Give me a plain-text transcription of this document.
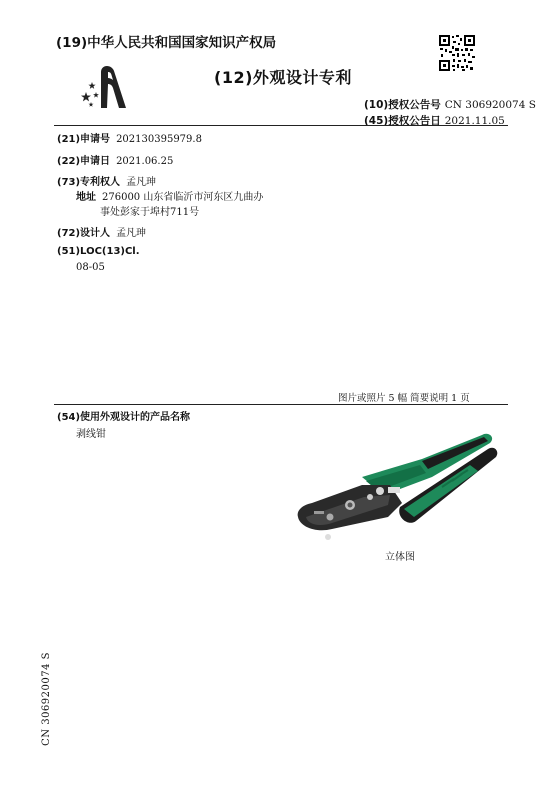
(19)中华人民共和国国家知识产权局
(12)外观设计专利
(10)授权公告号 CN 306920074 S
(45)授权公告日 2021.11.05
(21)申请号 202130395979.8
(22)申请日 2021.06.25
(73)专利权人 孟凡珅
地址 276000 山东省临沂市河东区九曲办
事处彭家于埠村711号
(72)设计人 孟凡珅
(51)LOC(13)Cl.
08-05
图片或照片 5 幅 简要说明 1 页
(54)使用外观设计的产品名称
剥线钳
立体图
CN 306920074 S
